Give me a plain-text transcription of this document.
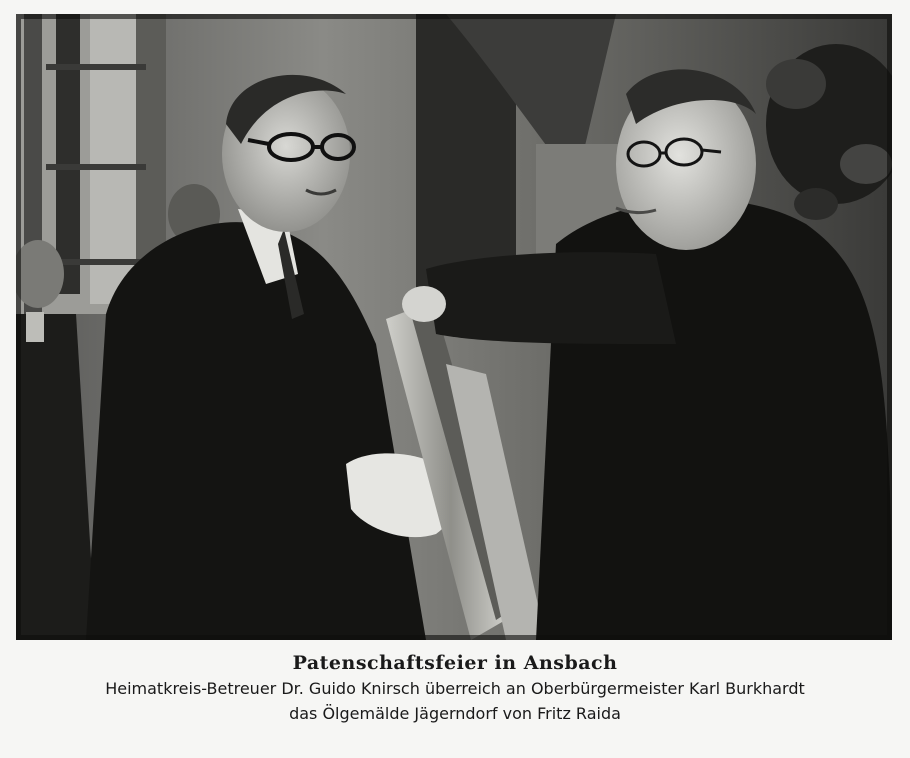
Patenschaftsfeier in Ansbach

Heimatkreis-Betreuer Dr. Guido Knirsch überreich an Oberbürgermeister Karl Burkhardt

das Ölgemälde Jägerndorf von Fritz Raida
